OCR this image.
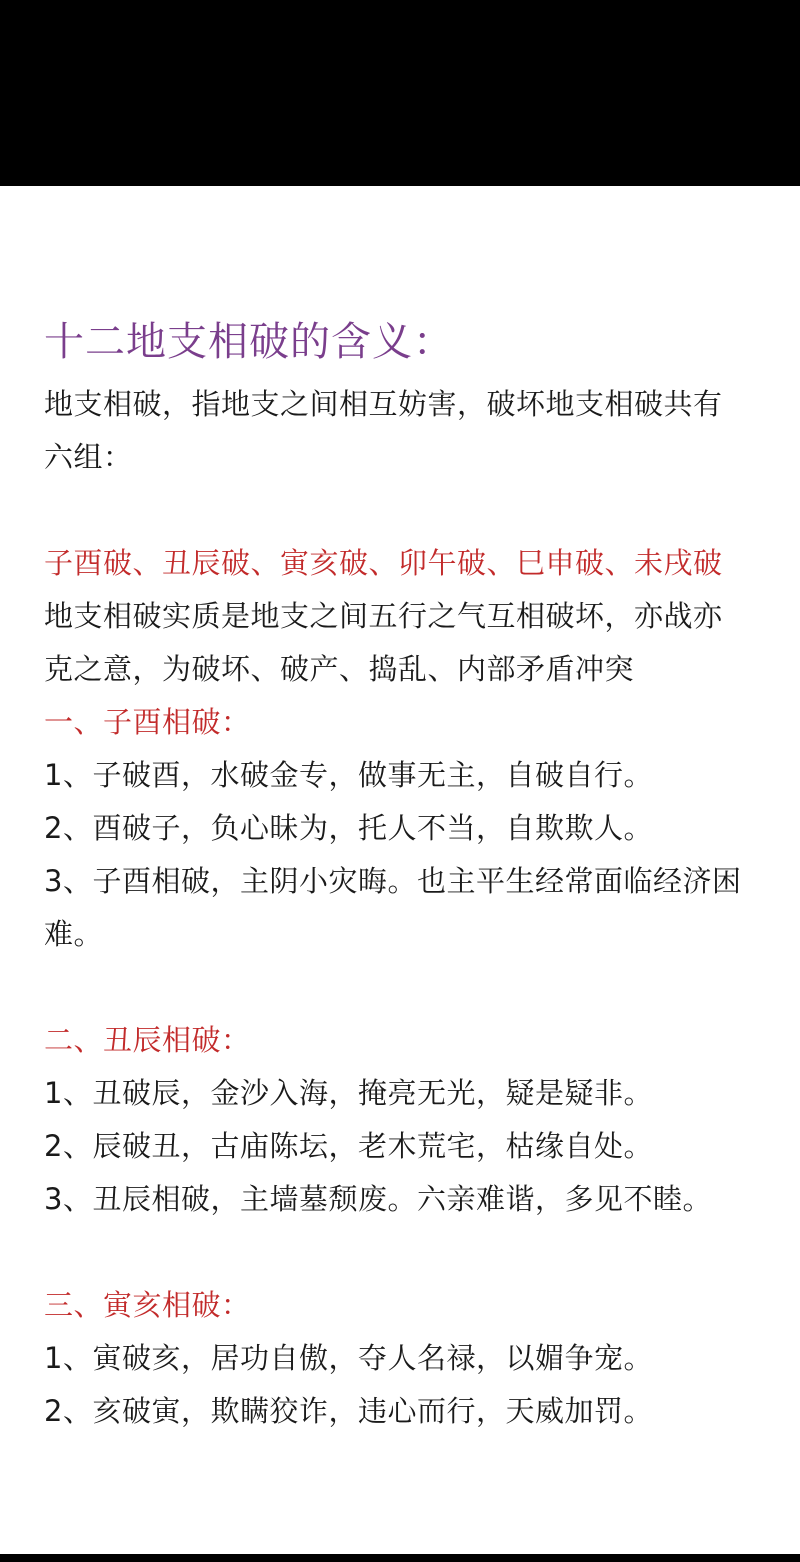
十二地支相破的含义：
地支相破，指地支之间相互妨害，破坏地支相破共有
六组：
子酉破、丑辰破、寅亥破、卯午破、巳申破、未戌破
地支相破实质是地支之间五行之气互相破坏，亦战亦
克之意，为破坏、破产、捣乱、内部矛盾冲突
一、子酉相破：
1、子破酉，水破金专，做事无主，自破自行。
2、酉破子，负心昧为，托人不当，自欺欺人。
3、子酉相破，主阴小灾晦。也主平生经常面临经济困
难。
二、丑辰相破：
1、丑破辰，金沙入海，掩亮无光，疑是疑非。
2、辰破丑，古庙陈坛，老木荒宅，枯缘自处。
3、丑辰相破，主墙墓颓废。六亲难谐，多见不睦。
三、寅亥相破：
1、寅破亥，居功自傲，夺人名禄，以媚争宠。
2、亥破寅，欺瞒狡诈，违心而行，天威加罚。
